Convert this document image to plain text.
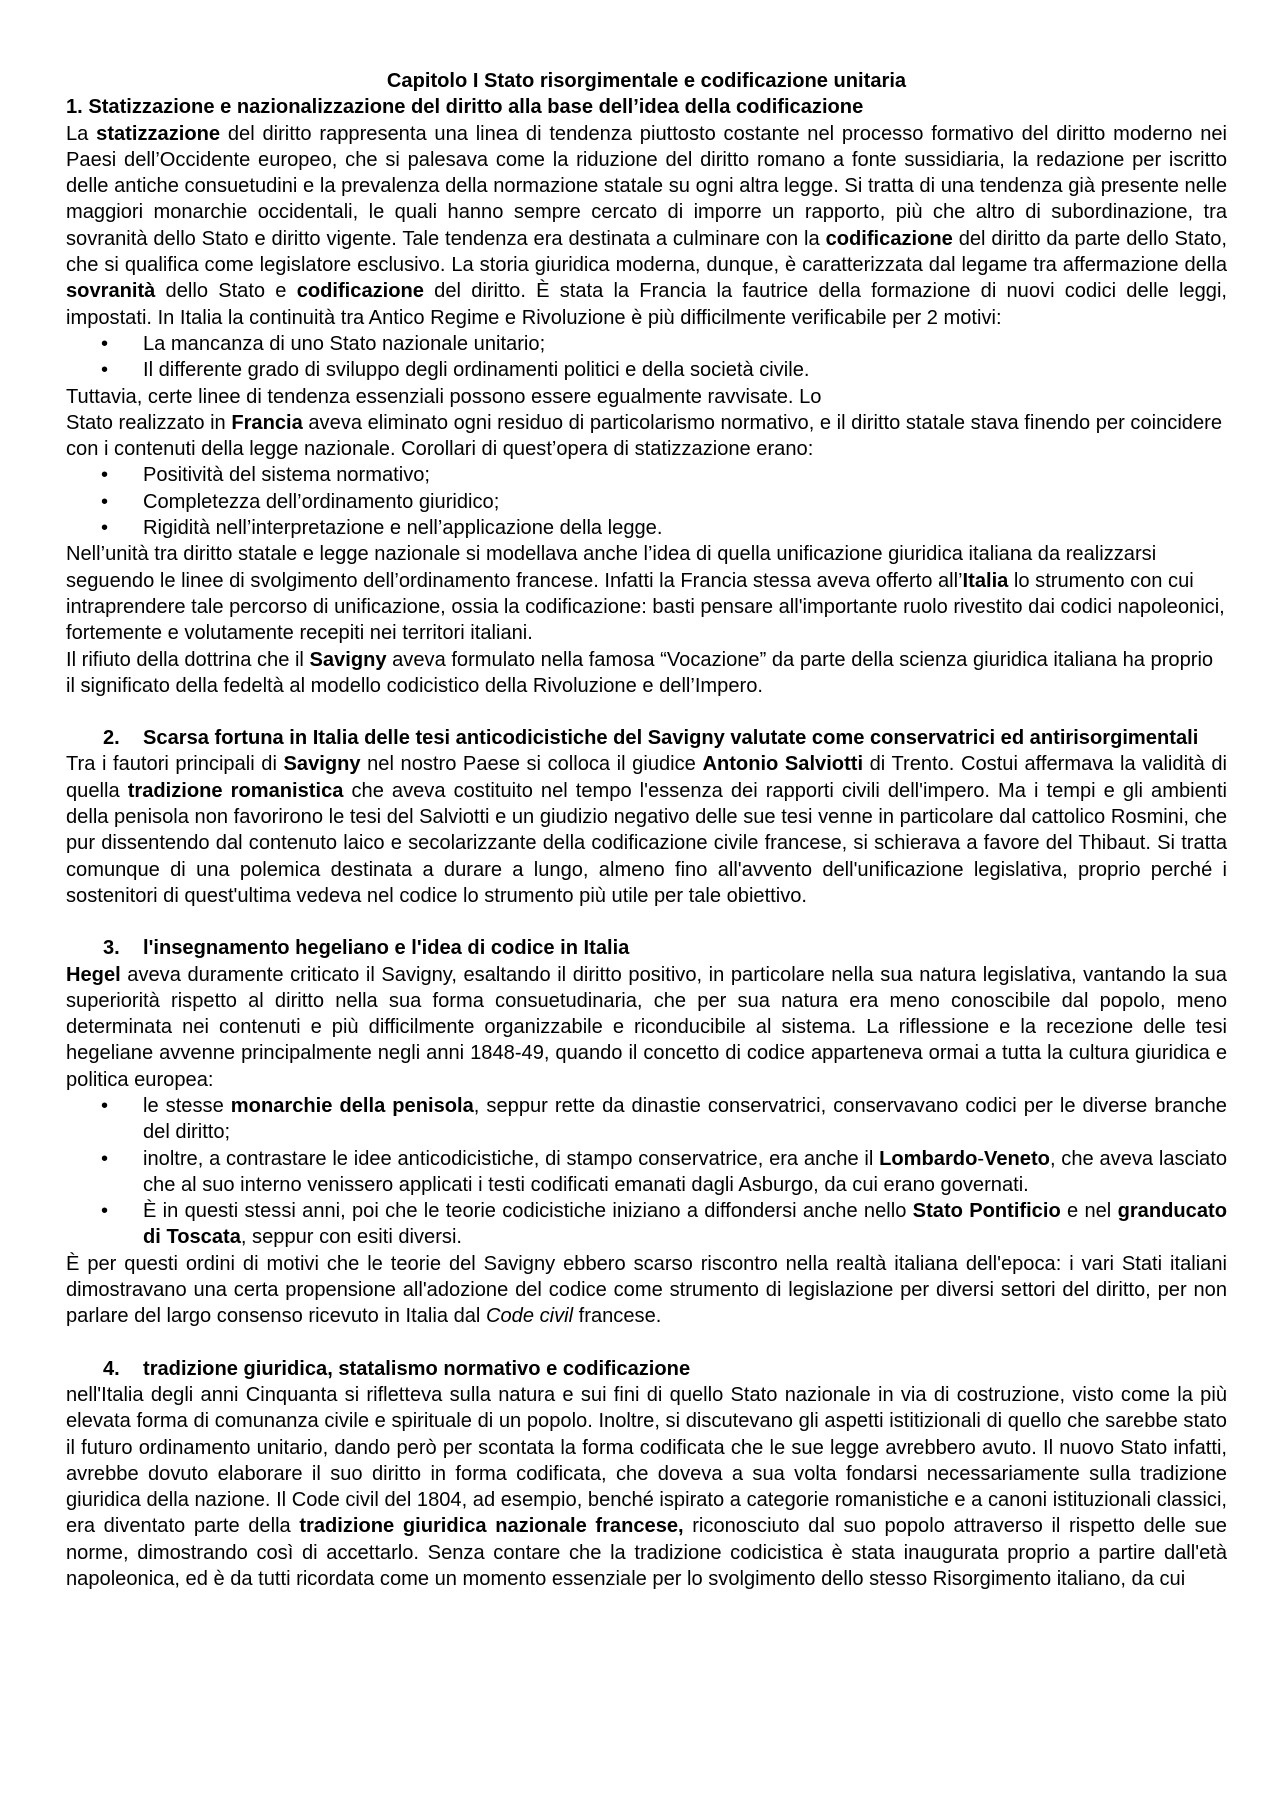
Capitolo I Stato risorgimentale e codificazione unitaria

1. Statizzazione e nazionalizzazione del diritto alla base dell’idea della codificazione

La statizzazione del diritto rappresenta una linea di tendenza piuttosto costante nel processo formativo del diritto moderno nei Paesi dell’Occidente europeo, che si palesava come la riduzione del diritto romano a fonte sussidiaria, la redazione per iscritto delle antiche consuetudini e la prevalenza della normazione statale su ogni altra legge. Si tratta di una tendenza già presente nelle maggiori monarchie occidentali, le quali hanno sempre cercato di imporre un rapporto, più che altro di subordinazione, tra sovranità dello Stato e diritto vigente. Tale tendenza era destinata a culminare con la codificazione del diritto da parte dello Stato, che si qualifica come legislatore esclusivo. La storia giuridica moderna, dunque, è caratterizzata dal legame tra affermazione della sovranità dello Stato e codificazione del diritto. È stata la Francia la fautrice della formazione di nuovi codici delle leggi, impostati. In Italia la continuità tra Antico Regime e Rivoluzione è più difficilmente verificabile per 2 motivi:

• La mancanza di uno Stato nazionale unitario;
• Il differente grado di sviluppo degli ordinamenti politici e della società civile.

Tuttavia, certe linee di tendenza essenziali possono essere egualmente ravvisate. Lo

Stato realizzato in Francia aveva eliminato ogni residuo di particolarismo normativo, e il diritto statale stava finendo per coincidere con i contenuti della legge nazionale. Corollari di quest’opera di statizzazione erano:

• Positività del sistema normativo;
• Completezza dell’ordinamento giuridico;
• Rigidità nell’interpretazione e nell’applicazione della legge.

Nell’unità tra diritto statale e legge nazionale si modellava anche l’idea di quella unificazione giuridica italiana da realizzarsi seguendo le linee di svolgimento dell’ordinamento francese. Infatti la Francia stessa aveva offerto all’Italia lo strumento con cui intraprendere tale percorso di unificazione, ossia la codificazione: basti pensare all'importante ruolo rivestito dai codici napoleonici, fortemente e volutamente recepiti nei territori italiani.

Il rifiuto della dottrina che il Savigny aveva formulato nella famosa “Vocazione” da parte della scienza giuridica italiana ha proprio il significato della fedeltà al modello codicistico della Rivoluzione e dell’Impero.

2. Scarsa fortuna in Italia delle tesi anticodicistiche del Savigny valutate come conservatrici ed antirisorgimentali

Tra i fautori principali di Savigny nel nostro Paese si colloca il giudice Antonio Salviotti di Trento. Costui affermava la validità di quella tradizione romanistica che aveva costituito nel tempo l'essenza dei rapporti civili dell'impero. Ma i tempi e gli ambienti della penisola non favorirono le tesi del Salviotti e un giudizio negativo delle sue tesi venne in particolare dal cattolico Rosmini, che pur dissentendo dal contenuto laico e secolarizzante della codificazione civile francese, si schierava a favore del Thibaut. Si tratta comunque di una polemica destinata a durare a lungo, almeno fino all'avvento dell'unificazione legislativa, proprio perché i sostenitori di quest'ultima vedeva nel codice lo strumento più utile per tale obiettivo.

3. l'insegnamento hegeliano e l'idea di codice in Italia

Hegel aveva duramente criticato il Savigny, esaltando il diritto positivo, in particolare nella sua natura legislativa, vantando la sua superiorità rispetto al diritto nella sua forma consuetudinaria, che per sua natura era meno conoscibile dal popolo, meno determinata nei contenuti e più difficilmente organizzabile e riconducibile al sistema. La riflessione e la recezione delle tesi hegeliane avvenne principalmente negli anni 1848-49, quando il concetto di codice apparteneva ormai a tutta la cultura giuridica e politica europea:

• le stesse monarchie della penisola, seppur rette da dinastie conservatrici, conservavano codici per le diverse branche del diritto;
• inoltre, a contrastare le idee anticodicistiche, di stampo conservatrice, era anche il Lombardo-Veneto, che aveva lasciato che al suo interno venissero applicati i testi codificati emanati dagli Asburgo, da cui erano governati.
• È in questi stessi anni, poi che le teorie codicistiche iniziano a diffondersi anche nello Stato Pontificio e nel granducato di Toscata, seppur con esiti diversi.

È per questi ordini di motivi che le teorie del Savigny ebbero scarso riscontro nella realtà italiana dell'epoca: i vari Stati italiani dimostravano una certa propensione all'adozione del codice come strumento di legislazione per diversi settori del diritto, per non parlare del largo consenso ricevuto in Italia dal Code civil francese.

4. tradizione giuridica, statalismo normativo e codificazione

nell'Italia degli anni Cinquanta si rifletteva sulla natura e sui fini di quello Stato nazionale in via di costruzione, visto come la più elevata forma di comunanza civile e spirituale di un popolo. Inoltre, si discutevano gli aspetti istitizionali di quello che sarebbe stato il futuro ordinamento unitario, dando però per scontata la forma codificata che le sue legge avrebbero avuto. Il nuovo Stato infatti, avrebbe dovuto elaborare il suo diritto in forma codificata, che doveva a sua volta fondarsi necessariamente sulla tradizione giuridica della nazione. Il Code civil del 1804, ad esempio, benché ispirato a categorie romanistiche e a canoni istituzionali classici, era diventato parte della tradizione giuridica nazionale francese, riconosciuto dal suo popolo attraverso il rispetto delle sue norme, dimostrando così di accettarlo. Senza contare che la tradizione codicistica è stata inaugurata proprio a partire dall'età napoleonica, ed è da tutti ricordata come un momento essenziale per lo svolgimento dello stesso Risorgimento italiano, da cui
